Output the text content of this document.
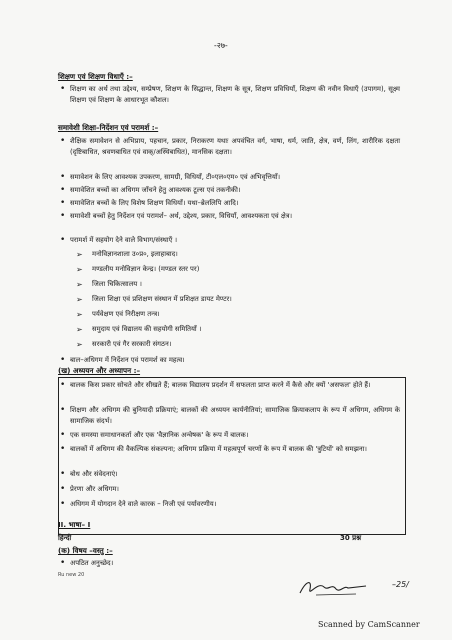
-२७-
शिक्षण एवं शिक्षण विधाएँ :–
• शिक्षण का अर्थ तथा उद्देश्य, सम्प्रेषण, शिक्षण के सिद्धान्त, शिक्षण के सूत्र, शिक्षण प्रविधियाँ, शिक्षण की नवीन विधाएँ (उपागम), सूक्ष्म शिक्षण एवं शिक्षण के आधारभूत कौशल।
समावेशी शिक्षा–निर्देशन एवं परामर्श :–
• शैक्षिक समावेशन से अभिप्राय, पहचान, प्रकार, निराकरण यथाः अपवंचित वर्ग, भाषा, धर्म, जाति, क्षेत्र, वर्ण, लिंग, शारीरिक दक्षता (दृष्टिबाधित, श्रवणबाधित एवं वाक्/अस्थिबाधित), मानसिक दक्षता।
• समावेशन के लिए आवश्यक उपकरण, सामग्री, विधियाँ, टी०एल०एम० एवं अभिवृत्तियाँ।
• समावेशित बच्चों का अधिगम जाँचने हेतु आवश्यक टूल्स एवं तकनीकी।
• समावेशित बच्चों के लिए विशेष शिक्षण विधियाँ। यथा–ब्रेललिपि आदि।
• समावेशी बच्चों हेतु निर्देशन एवं परामर्श– अर्थ, उद्देश्य, प्रकार, विधियाँ, आवश्यकता एवं क्षेत्र।
• परामर्श में सहयोग देने वाले विभाग/संस्थाएँ ।
➢ मनोविज्ञानशाला उ०प्र०, इलाहाबाद।
➢ मण्डलीय मनोविज्ञान केन्द्र। (मण्डल स्तर पर)
➢ जिला चिकित्सालय ।
➢ जिला शिक्षा एवं प्रशिक्षण संस्थान में प्रशिक्षत डायट मेण्टर।
➢ पर्यवेक्षण एवं निरीक्षण तन्त्र।
➢ समुदाय एवं विद्यालय की सहयोगी समितियाँ ।
➢ सरकारी एवं गैर सरकारी संगठन।
• बाल–अधिगम में निर्देशन एवं परामर्श का महत्व।
(ख) अध्ययन और अध्यापन :–
• बालक किस प्रकार सोचते और सीखते हैं; बालक विद्यालय प्रदर्शन में सफलता प्राप्त करने में कैसे और क्यों 'असफल' होते हैं।
• शिक्षण और अधिगम की बुनियादी प्रक्रियाएं; बालकों की अध्ययन कार्यनीतियां; सामाजिक क्रियाकलाप के रूप में अधिगम, अधिगम के सामाजिक संदर्भ।
• एक समस्या समाधानकर्ता और एक 'वैज्ञानिक अन्वेषक' के रूप में बालक।
• बालकों में अधिगम की वैकल्पिक संकल्पना; अधिगम प्रक्रिया में महत्वपूर्ण चरणों के रूप में बालक की 'त्रुटियों' को समझना।
• बोध और संवेदनाएं।
• प्रेरणा और अधिगम।
• अधिगम में योगदान देने वाले कारक – निजी एवं पर्यावरणीय।
II. भाषा– I
हिन्दी	30 प्रश्न
(क) विषय –वस्तु :–
• अपठित अनुच्छेद।
Ru new 20
–25/
Scanned by CamScanner
